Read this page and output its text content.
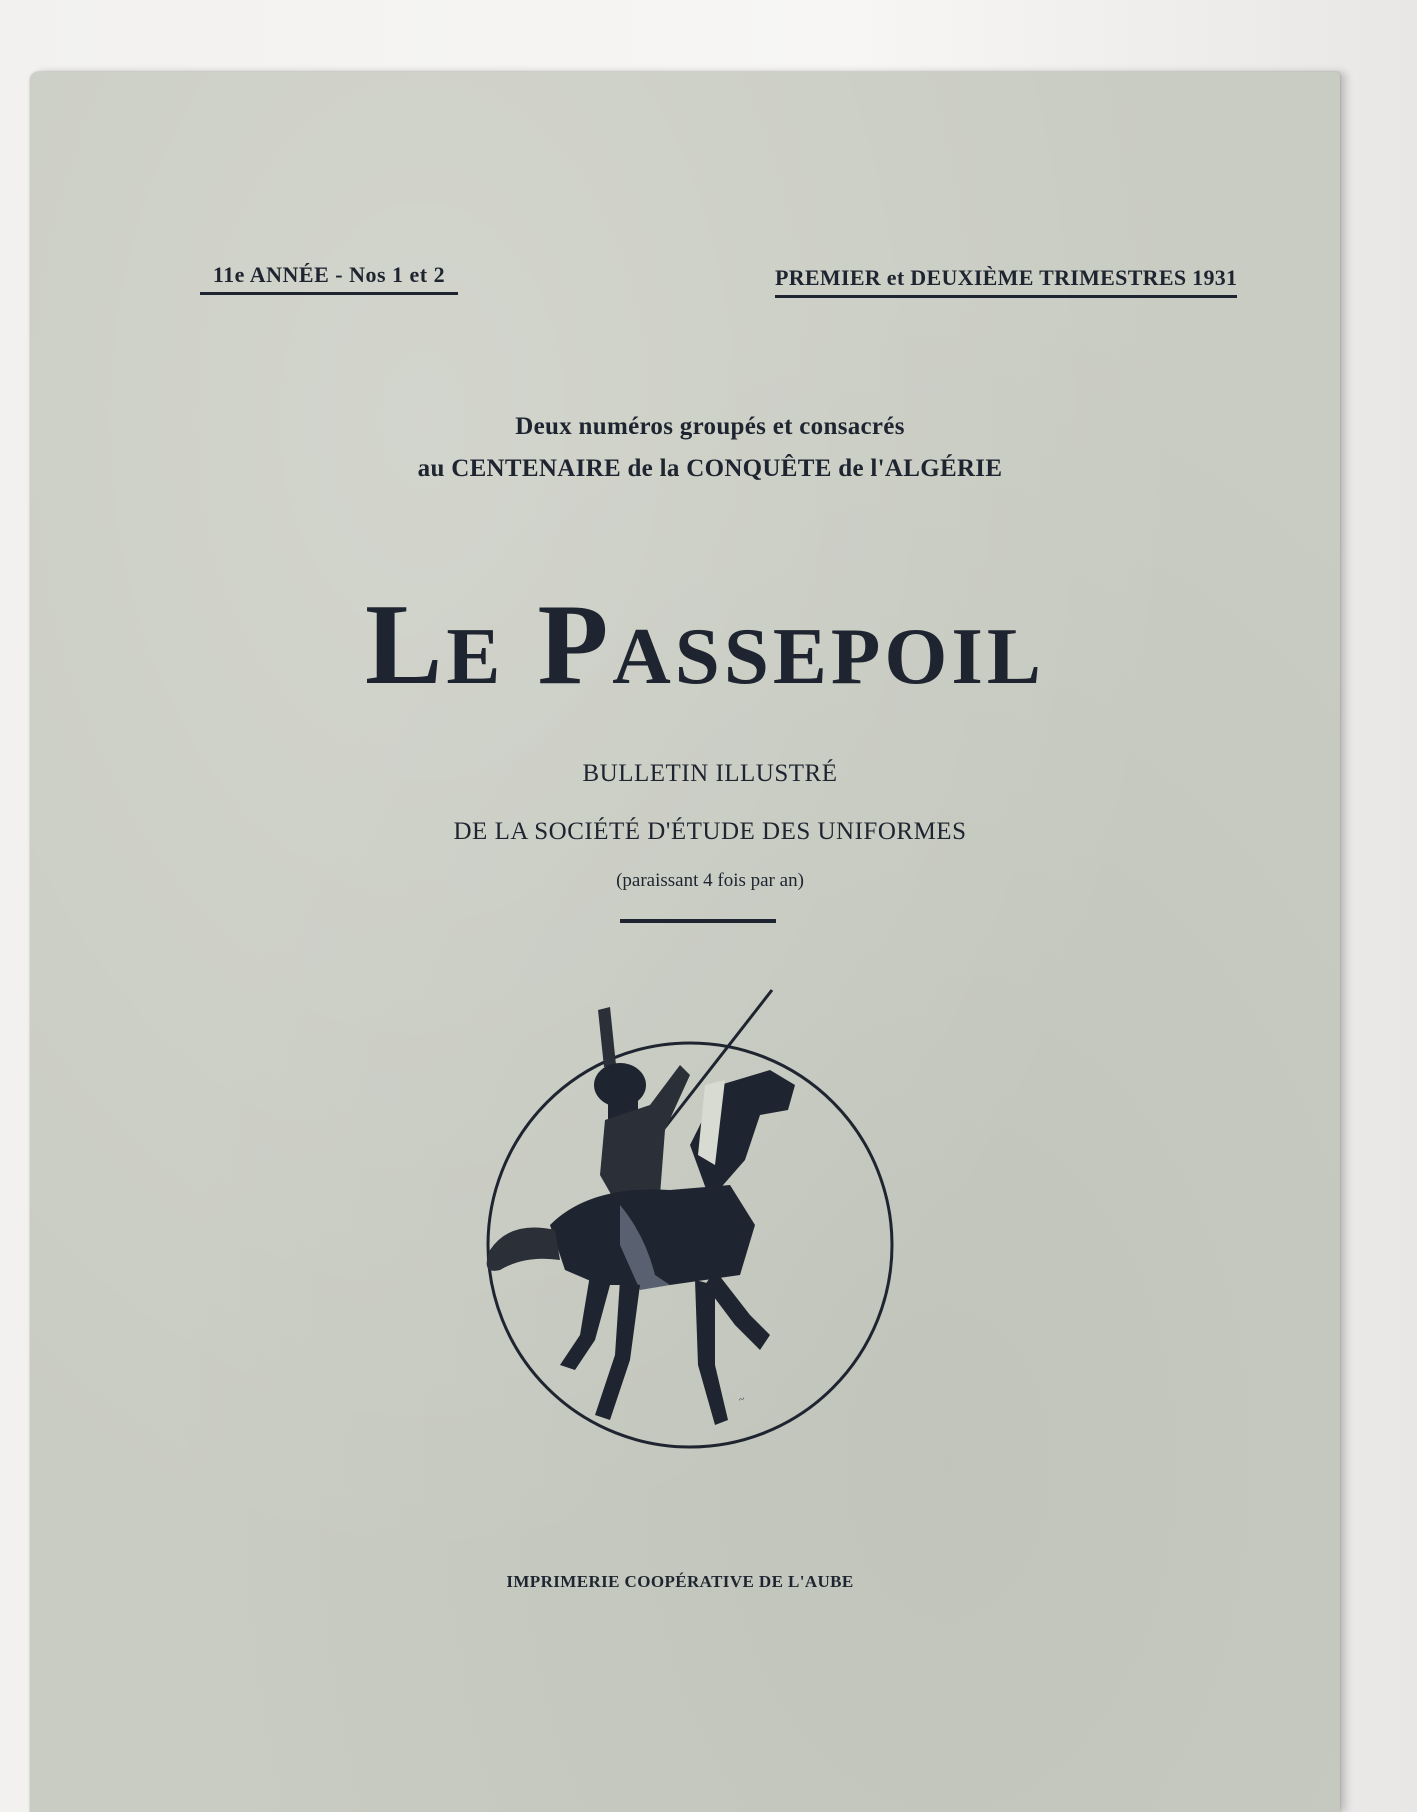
11e ANNÉE - Nos 1 et 2	PREMIER et DEUXIÈME TRIMESTRES 1931
Deux numéros groupés et consacrés
au CENTENAIRE de la CONQUÊTE de l'ALGÉRIE
Le Passepoil
BULLETIN ILLUSTRÉ
DE LA SOCIÉTÉ D'ÉTUDE DES UNIFORMES
(paraissant 4 fois par an)
~
IMPRIMERIE COOPÉRATIVE DE L'AUBE
